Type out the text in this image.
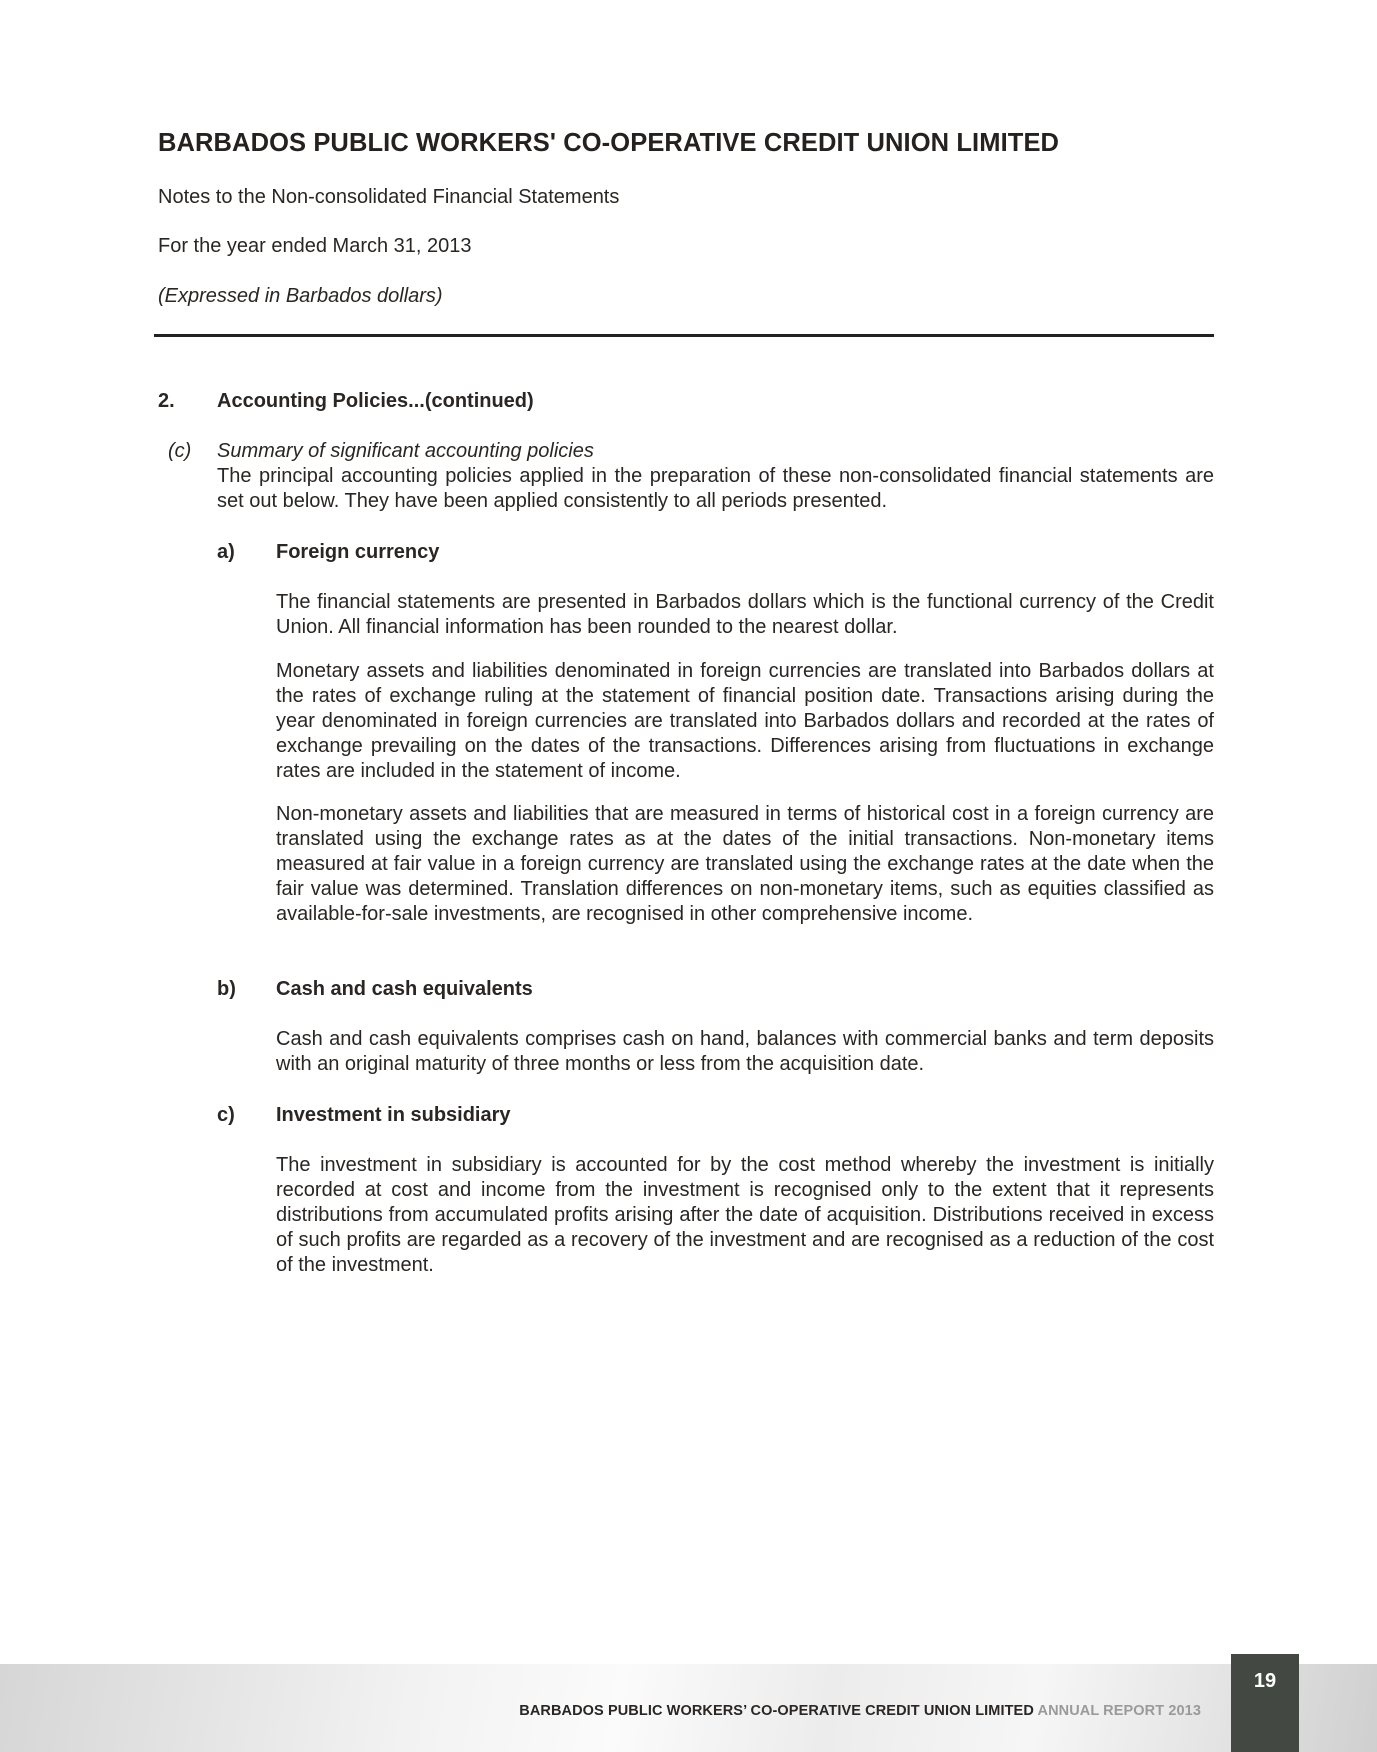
BARBADOS PUBLIC WORKERS' CO-OPERATIVE CREDIT UNION LIMITED

Notes to the Non-consolidated Financial Statements

For the year ended March 31, 2013

(Expressed in Barbados dollars)

2. Accounting Policies...(continued)
(c) Summary of significant accounting policies

The principal accounting policies applied in the preparation of these non-consolidated financial statements are set out below. They have been applied consistently to all periods presented.

a) Foreign currency

The financial statements are presented in Barbados dollars which is the functional currency of the Credit Union. All financial information has been rounded to the nearest dollar.

Monetary assets and liabilities denominated in foreign currencies are translated into Barbados dollars at the rates of exchange ruling at the statement of financial position date. Transactions arising during the year denominated in foreign currencies are translated into Barbados dollars and recorded at the rates of exchange prevailing on the dates of the transactions. Differences arising from fluctuations in exchange rates are included in the statement of income.

Non-monetary assets and liabilities that are measured in terms of historical cost in a foreign currency are translated using the exchange rates as at the dates of the initial transactions. Non-monetary items measured at fair value in a foreign currency are translated using the exchange rates at the date when the fair value was determined. Translation differences on non-monetary items, such as equities classified as available-for-sale investments, are recognised in other comprehensive income.

b) Cash and cash equivalents

Cash and cash equivalents comprises cash on hand, balances with commercial banks and term deposits with an original maturity of three months or less from the acquisition date.

c) Investment in subsidiary

The investment in subsidiary is accounted for by the cost method whereby the investment is initially recorded at cost and income from the investment is recognised only to the extent that it represents distributions from accumulated profits arising after the date of acquisition. Distributions received in excess of such profits are regarded as a recovery of the investment and are recognised as a reduction of the cost of the investment.

19
BARBADOS PUBLIC WORKERS’ CO-OPERATIVE CREDIT UNION LIMITED ANNUAL REPORT 2013
